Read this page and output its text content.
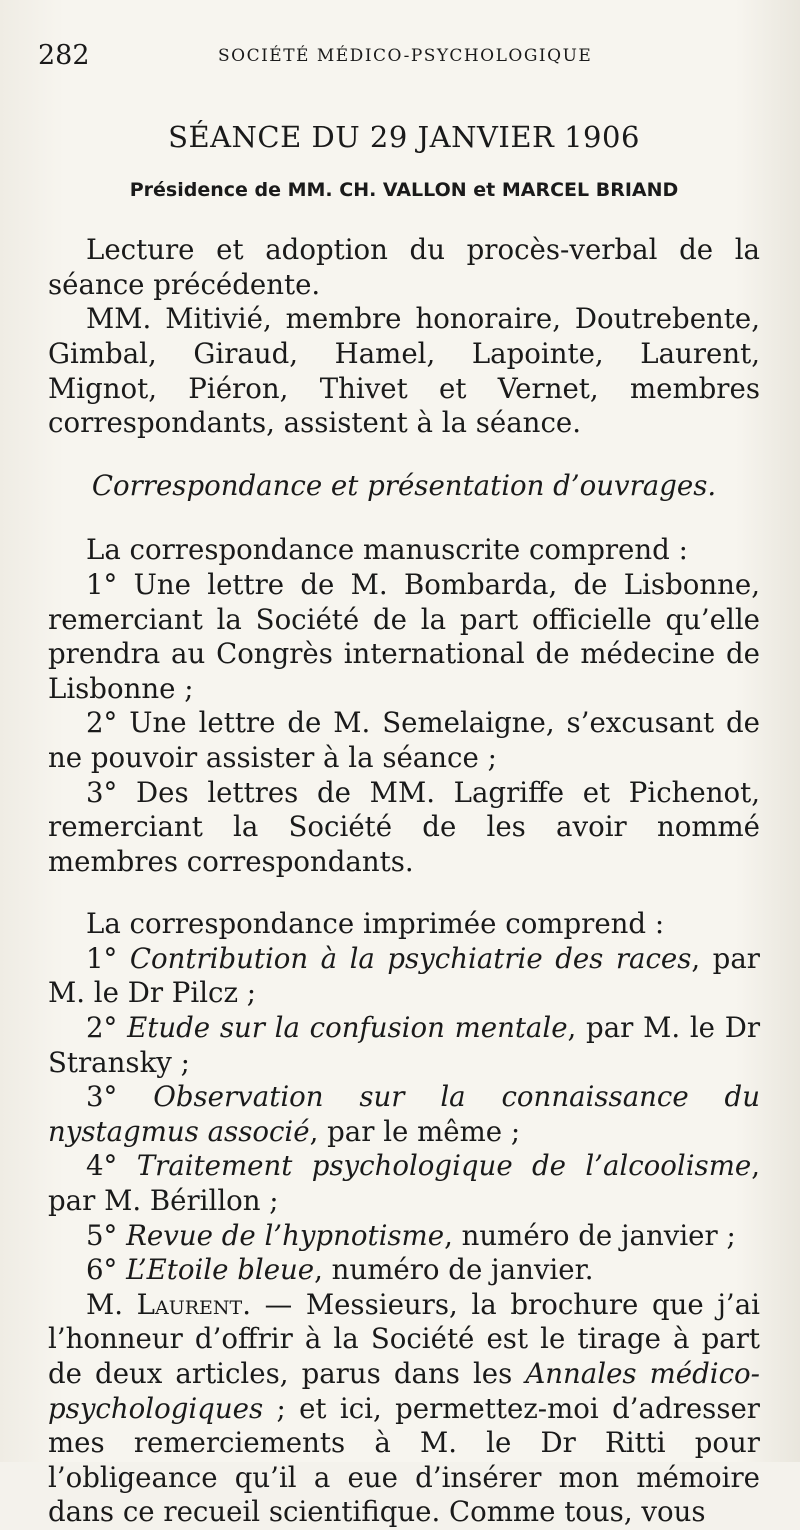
282	SOCIÉTÉ MÉDICO-PSYCHOLOGIQUE
SÉANCE DU 29 JANVIER 1906
Présidence de MM. CH. VALLON et MARCEL BRIAND

Lecture et adoption du procès-verbal de la séance précédente.

MM. Mitivié, membre honoraire, Doutrebente, Gimbal, Giraud, Hamel, Lapointe, Laurent, Mignot, Piéron, Thivet et Vernet, membres correspondants, assistent à la séance.

Correspondance et présentation d’ouvrages.

La correspondance manuscrite comprend :

1° Une lettre de M. Bombarda, de Lisbonne, remerciant la Société de la part officielle qu’elle prendra au Congrès international de médecine de Lisbonne ;

2° Une lettre de M. Semelaigne, s’excusant de ne pouvoir assister à la séance ;

3° Des lettres de MM. Lagriffe et Pichenot, remerciant la Société de les avoir nommé membres correspondants.

La correspondance imprimée comprend :

1° Contribution à la psychiatrie des races, par M. le Dr Pilcz ;

2° Etude sur la confusion mentale, par M. le Dr Stransky ;

3° Observation sur la connaissance du nystagmus associé, par le même ;

4° Traitement psychologique de l’alcoolisme, par M. Bérillon ;

5° Revue de l’hypnotisme, numéro de janvier ;

6° L’Etoile bleue, numéro de janvier.

M. Laurent. — Messieurs, la brochure que j’ai l’honneur d’offrir à la Société est le tirage à part de deux articles, parus dans les Annales médico-psychologiques ; et ici, permettez-moi d’adresser mes remerciements à M. le Dr Ritti pour l’obligeance qu’il a eue d’insérer mon mémoire dans ce recueil scientifique. Comme tous, vous
